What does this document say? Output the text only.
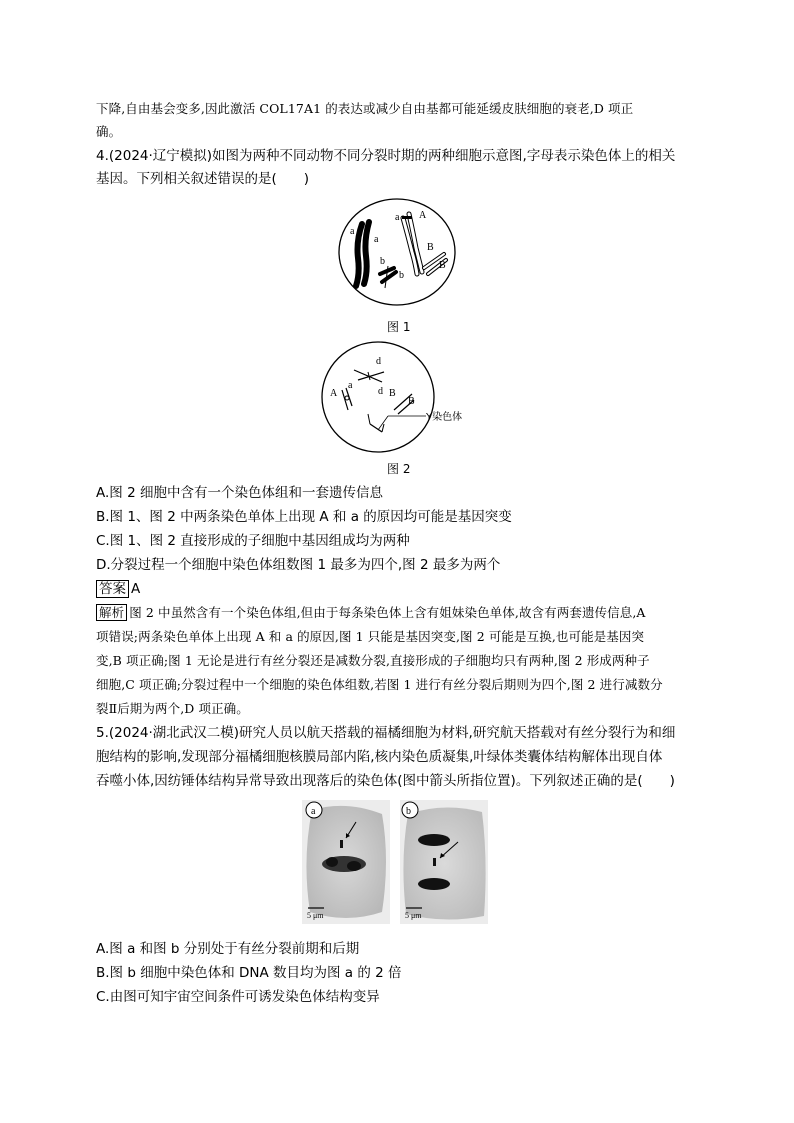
下降,自由基会变多,因此激活 COL17A1 的表达或减少自由基都可能延缓皮肤细胞的衰老,D 项正
确。
4.(2024·辽宁模拟)如图为两种不同动物不同分裂时期的两种细胞示意图,字母表示染色体上的相关
基因。下列相关叙述错误的是(　　)
a
a
a A
b
b
B
B
图 1
d
d
A
a
B
B
Y染色体
图 2
A.图 2 细胞中含有一个染色体组和一套遗传信息
B.图 1、图 2 中两条染色单体上出现 A 和 a 的原因均可能是基因突变
C.图 1、图 2 直接形成的子细胞中基因组成均为两种
D.分裂过程一个细胞中染色体组数图 1 最多为四个,图 2 最多为两个
答案 A
解析 图 2 中虽然含有一个染色体组,但由于每条染色体上含有姐妹染色单体,故含有两套遗传信息,A
项错误;两条染色单体上出现 A 和 a 的原因,图 1 只能是基因突变,图 2 可能是互换,也可能是基因突
变,B 项正确;图 1 无论是进行有丝分裂还是减数分裂,直接形成的子细胞均只有两种,图 2 形成两种子
细胞,C 项正确;分裂过程中一个细胞的染色体组数,若图 1 进行有丝分裂后期则为四个,图 2 进行减数分
裂Ⅱ后期为两个,D 项正确。
5.(2024·湖北武汉二模)研究人员以航天搭载的福橘细胞为材料,研究航天搭载对有丝分裂行为和细
胞结构的影响,发现部分福橘细胞核膜局部内陷,核内染色质凝集,叶绿体类囊体结构解体出现自体
吞噬小体,因纺锤体结构异常导致出现落后的染色体(图中箭头所指位置)。下列叙述正确的是(　　)
a
5 μm
b
5 μm
A.图 a 和图 b 分别处于有丝分裂前期和后期
B.图 b 细胞中染色体和 DNA 数目均为图 a 的 2 倍
C.由图可知宇宙空间条件可诱发染色体结构变异
